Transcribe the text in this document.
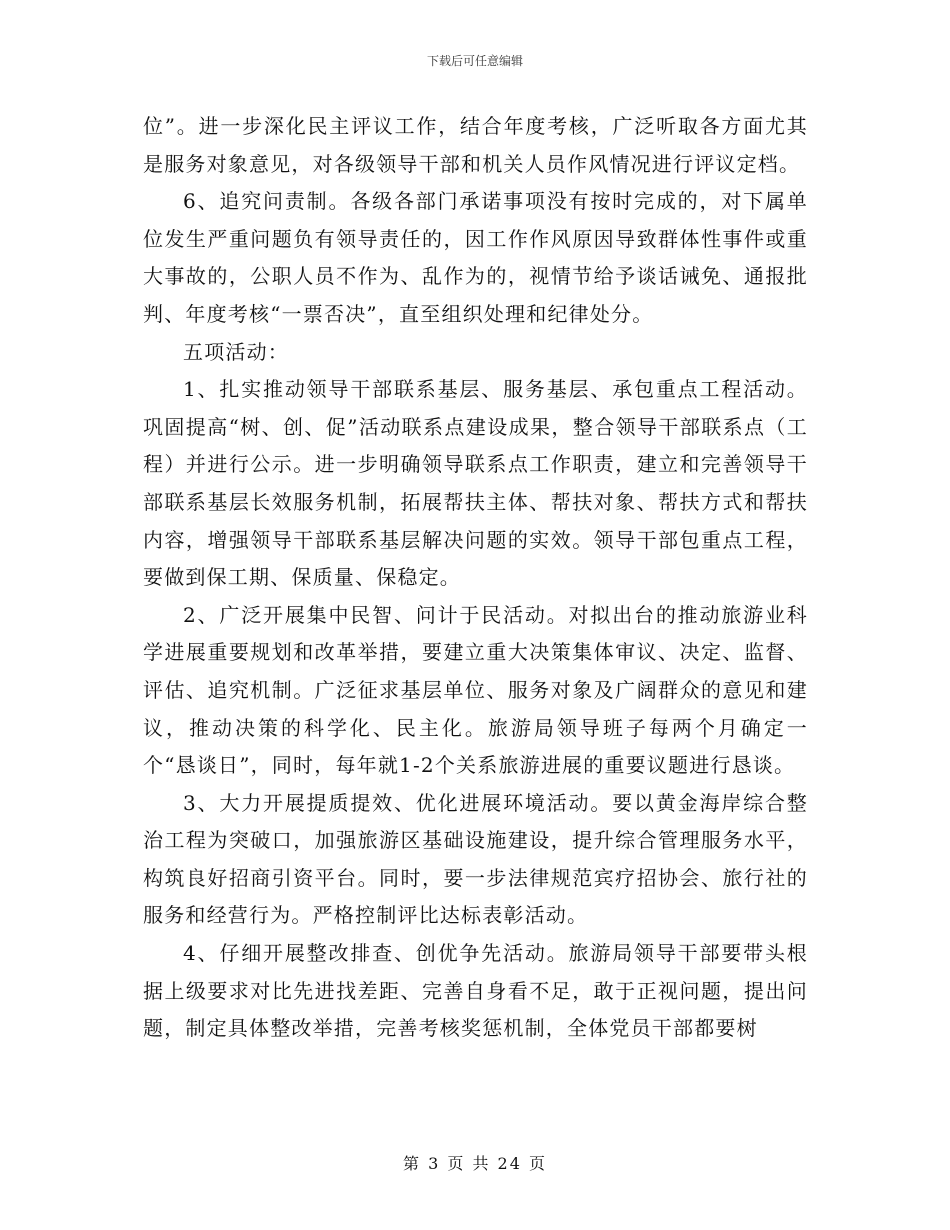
下载后可任意编辑

位”。进一步深化民主评议工作，结合年度考核，广泛听取各方面尤其是服务对象意见，对各级领导干部和机关人员作风情况进行评议定档。

6、追究问责制。各级各部门承诺事项没有按时完成的，对下属单位发生严重问题负有领导责任的，因工作作风原因导致群体性事件或重大事故的，公职人员不作为、乱作为的，视情节给予谈话诫免、通报批判、年度考核“一票否决”，直至组织处理和纪律处分。

五项活动：

1、扎实推动领导干部联系基层、服务基层、承包重点工程活动。巩固提高“树、创、促”活动联系点建设成果，整合领导干部联系点（工程）并进行公示。进一步明确领导联系点工作职责，建立和完善领导干部联系基层长效服务机制，拓展帮扶主体、帮扶对象、帮扶方式和帮扶内容，增强领导干部联系基层解决问题的实效。领导干部包重点工程，要做到保工期、保质量、保稳定。

2、广泛开展集中民智、问计于民活动。对拟出台的推动旅游业科学进展重要规划和改革举措，要建立重大决策集体审议、决定、监督、评估、追究机制。广泛征求基层单位、服务对象及广阔群众的意见和建议，推动决策的科学化、民主化。旅游局领导班子每两个月确定一个“恳谈日”，同时，每年就1-2个关系旅游进展的重要议题进行恳谈。

3、大力开展提质提效、优化进展环境活动。要以黄金海岸综合整治工程为突破口，加强旅游区基础设施建设，提升综合管理服务水平，构筑良好招商引资平台。同时，要一步法律规范宾疗招协会、旅行社的服务和经营行为。严格控制评比达标表彰活动。

4、仔细开展整改排查、创优争先活动。旅游局领导干部要带头根据上级要求对比先进找差距、完善自身看不足，敢于正视问题，提出问题，制定具体整改举措，完善考核奖惩机制，全体党员干部都要树

第 3 页 共 24 页
